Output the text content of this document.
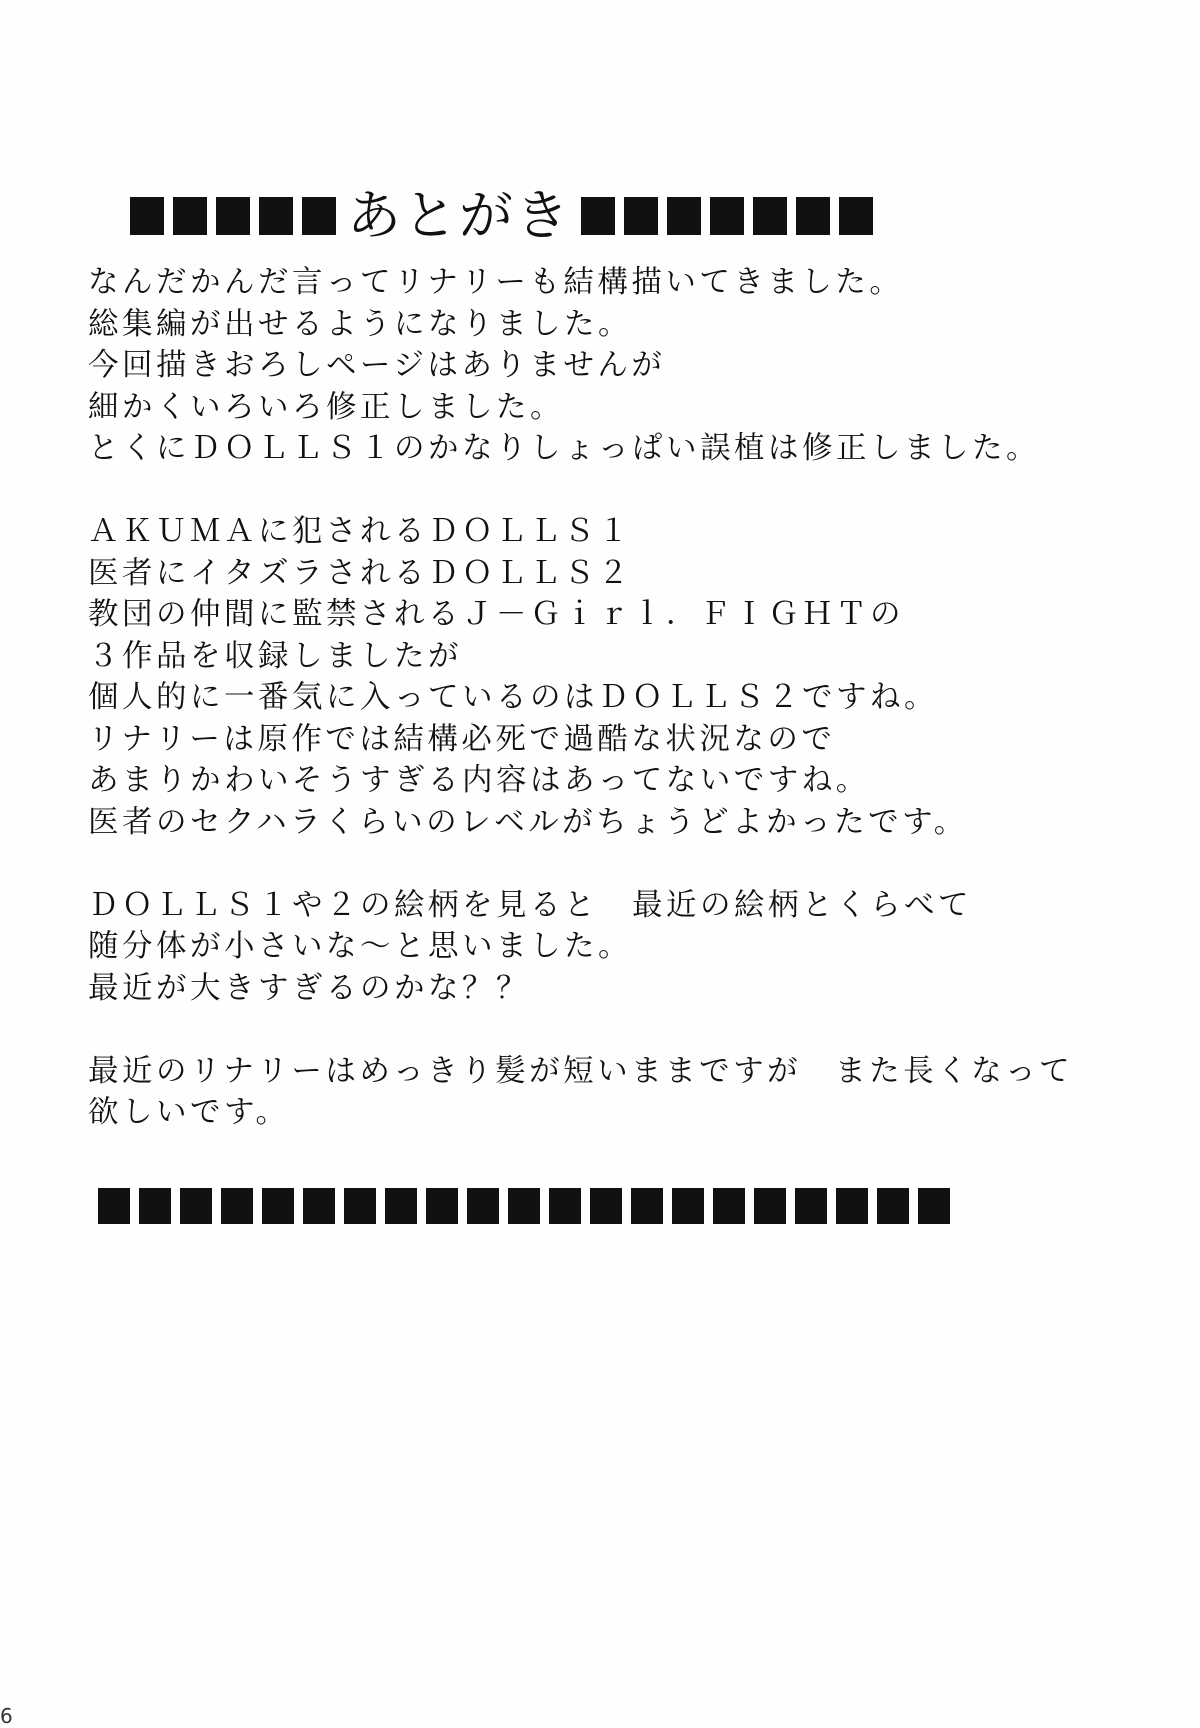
あとがき
なんだかんだ言ってリナリーも結構描いてきました。
総集編が出せるようになりました。
今回描きおろしページはありませんが
細かくいろいろ修正しました。
とくにＤＯＬＬＳ１のかなりしょっぱい誤植は修正しました。
ＡＫＵＭＡに犯されるＤＯＬＬＳ１
医者にイタズラされるＤＯＬＬＳ２
教団の仲間に監禁されるＪ－Ｇｉｒｌ．ＦＩＧＨＴの
３作品を収録しましたが
個人的に一番気に入っているのはＤＯＬＬＳ２ですね。
リナリーは原作では結構必死で過酷な状況なので
あまりかわいそうすぎる内容はあってないですね。
医者のセクハラくらいのレベルがちょうどよかったです。
ＤＯＬＬＳ１や２の絵柄を見ると　最近の絵柄とくらべて
随分体が小さいな～と思いました。
最近が大きすぎるのかな？？
最近のリナリーはめっきり髪が短いままですが　また長くなって
欲しいです。
6
